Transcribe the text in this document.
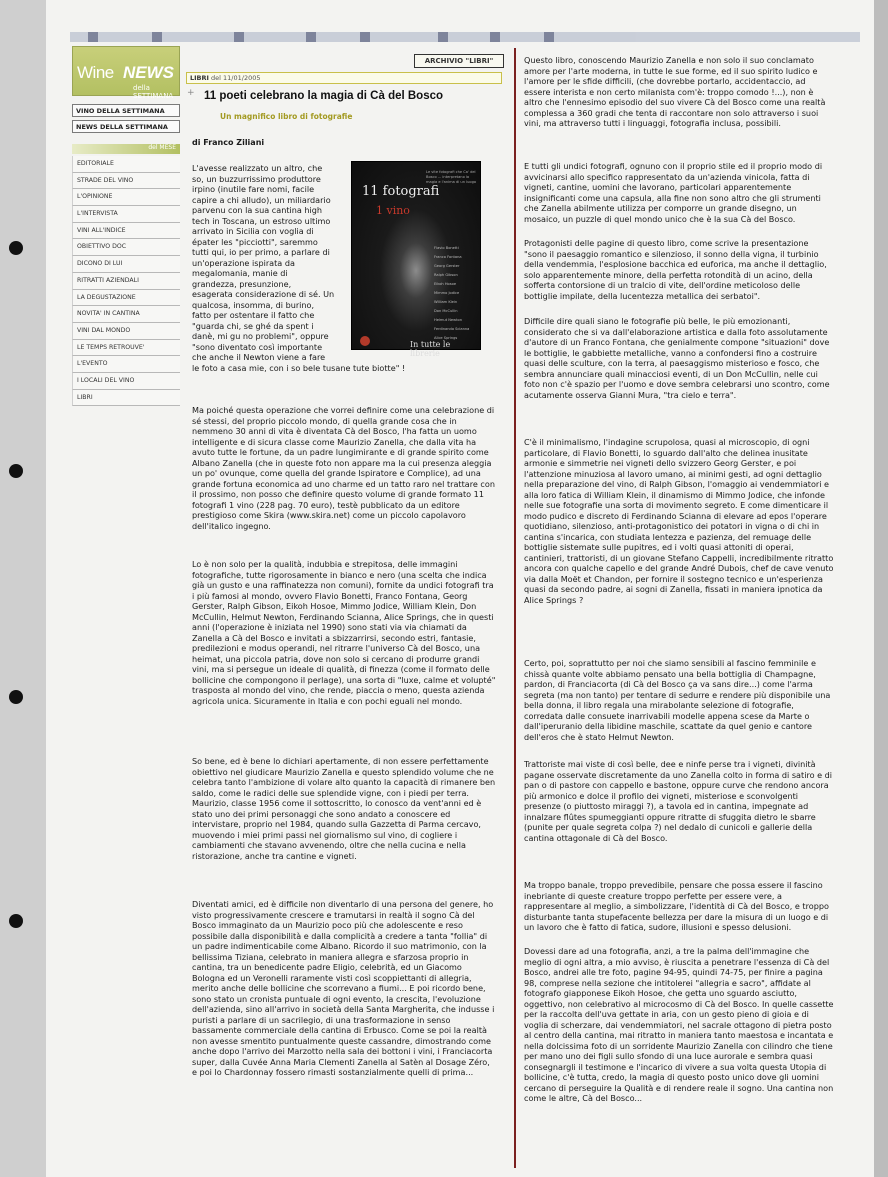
Wine NEWS
della SETTIMANA
VINO DELLA SETTIMANA
NEWS DELLA SETTIMANA
del MESE
EDITORIALE
STRADE DEL VINO
L'OPINIONE
L'INTERVISTA
VINI ALL'INDICE
OBIETTIVO DOC
DICONO DI LUI
RITRATTI AZIENDALI
LA DEGUSTAZIONE
NOVITA' IN CANTINA
VINI DAL MONDO
LE TEMPS RETROUVE'
L'EVENTO
I LOCALI DEL VINO
LIBRI
ARCHIVIO "LIBRI"
LIBRI del 11/01/2005
+ 11 poeti celebrano la magia di Cà del Bosco
Un magnifico libro di fotografie
di Franco Ziliani
Le vite fotografi che Ca' del Bosco ... interpretano la magia e l'anima di un luogo
11 fotografi
1 vino
Flavio Bonetti
Franco Fontana
Georg Gerster
Ralph Gibson
Eikoh Hosoe
Mimmo Jodice
William Klein
Don McCullin
Helmut Newton
Ferdinando Scianna
Alice Springs
In tutte le librerie
L'avesse realizzato un altro, che
so, un buzzurrissimo produttore
irpino (inutile fare nomi, facile
capire a chi alludo), un miliardario
parvenu con la sua cantina high
tech in Toscana, un estroso ultimo
arrivato in Sicilia con voglia di
épater les "picciotti", saremmo
tutti qui, io per primo, a parlare di
un'operazione ispirata da
megalomania, manie di
grandezza, presunzione,
esagerata considerazione di sé. Un
qualcosa, insomma, di burino,
fatto per ostentare il fatto che
"guarda chi, se ghé da spent i
danè, mi gu no problemi", oppure
"sono diventato così importante
che anche il Newton viene a fare
le foto a casa mie, con i so bele tusane tute biotte" !
Ma poiché questa operazione che vorrei definire come una celebrazione di sé stessi, del proprio piccolo mondo, di quella grande cosa che in nemmeno 30 anni di vita è diventata Cà del Bosco, l'ha fatta un uomo intelligente e di sicura classe come Maurizio Zanella, che dalla vita ha avuto tutte le fortune, da un padre lungimirante e di grande spirito come Albano Zanella (che in queste foto non appare ma la cui presenza aleggia un po' ovunque, come quella del grande Ispiratore e Complice), ad una grande fortuna economica ad uno charme ed un tatto raro nel trattare con il prossimo, non posso che definire questo volume di grande formato 11 fotografi 1 vino (228 pag. 70 euro), testè pubblicato da un editore prestigioso come Skira (www.skira.net) come un piccolo capolavoro dell'italico ingegno.
Lo è non solo per la qualità, indubbia e strepitosa, delle immagini fotografiche, tutte rigorosamente in bianco e nero (una scelta che indica già un gusto e una raffinatezza non comuni), fornite da undici fotografi tra i più famosi al mondo, ovvero Flavio Bonetti, Franco Fontana, Georg Gerster, Ralph Gibson, Eikoh Hosoe, Mimmo Jodice, William Klein, Don McCullin, Helmut Newton, Ferdinando Scianna, Alice Springs, che in questi anni (l'operazione è iniziata nel 1990) sono stati via via chiamati da Zanella a Cà del Bosco e invitati a sbizzarrirsi, secondo estri, fantasie, predilezioni e modus operandi, nel ritrarre l'universo Cà del Bosco, una heimat, una piccola patria, dove non solo si cercano di produrre grandi vini, ma si persegue un ideale di qualità, di finezza (come il formato delle bollicine che compongono il perlage), una sorta di "luxe, calme et volupté" trasposta al mondo del vino, che rende, piaccia o meno, questa azienda agricola unica. Sicuramente in Italia e con pochi eguali nel mondo.
So bene, ed è bene lo dichiari apertamente, di non essere perfettamente obiettivo nel giudicare Maurizio Zanella e questo splendido volume che ne celebra tanto l'ambizione di volare alto quanto la capacità di rimanere ben saldo, come le radici delle sue splendide vigne, con i piedi per terra. Maurizio, classe 1956 come il sottoscritto, lo conosco da vent'anni ed è stato uno dei primi personaggi che sono andato a conoscere ed intervistare, proprio nel 1984, quando sulla Gazzetta di Parma cercavo, muovendo i miei primi passi nel giornalismo sul vino, di cogliere i cambiamenti che stavano avvenendo, oltre che nella cucina e nella ristorazione, anche tra cantine e vigneti.
Diventati amici, ed è difficile non diventarlo di una persona del genere, ho visto progressivamente crescere e tramutarsi in realtà il sogno Cà del Bosco immaginato da un Maurizio poco più che adolescente e reso possibile dalla disponibilità e dalla complicità a credere a tanta "follia" di un padre indimenticabile come Albano. Ricordo il suo matrimonio, con la bellissima Tiziana, celebrato in maniera allegra e sfarzosa proprio in cantina, tra un benedicente padre Eligio, celebrità, ed un Giacomo Bologna ed un Veronelli raramente visti così scoppiettanti di allegria, merito anche delle bollicine che scorrevano a fiumi... E poi ricordo bene, sono stato un cronista puntuale di ogni evento, la crescita, l'evoluzione dell'azienda, sino all'arrivo in società della Santa Margherita, che indusse i puristi a parlare di un sacrilegio, di una trasformazione in senso bassamente commerciale della cantina di Erbusco. Come se poi la realtà non avesse smentito puntualmente queste cassandre, dimostrando come anche dopo l'arrivo dei Marzotto nella sala dei bottoni i vini, i Franciacorta super, dalla Cuvée Anna Maria Clementi Zanella al Satèn al Dosage Zéro, e poi lo Chardonnay fossero rimasti sostanzialmente quelli di prima...
Questo libro, conoscendo Maurizio Zanella e non solo il suo conclamato amore per l'arte moderna, in tutte le sue forme, ed il suo spirito ludico e l'amore per le sfide difficili, (che dovrebbe portarlo, accidentaccio, ad essere interista e non certo milanista com'è: troppo comodo !...), non è altro che l'ennesimo episodio del suo vivere Cà del Bosco come una realtà complessa a 360 gradi che tenta di raccontare non solo attraverso i suoi vini, ma attraverso tutti i linguaggi, fotografia inclusa, possibili.
E tutti gli undici fotografi, ognuno con il proprio stile ed il proprio modo di avvicinarsi allo specifico rappresentato da un'azienda vinicola, fatta di vigneti, cantine, uomini che lavorano, particolari apparentemente insignificanti come una capsula, alla fine non sono altro che gli strumenti che Zanella abilmente utilizza per comporre un grande disegno, un mosaico, un puzzle di quel mondo unico che è la sua Cà del Bosco.
Protagonisti delle pagine di questo libro, come scrive la presentazione "sono il paesaggio romantico e silenzioso, il sonno della vigna, il turbinio della vendemmia, l'esplosione bacchica ed euforica, ma anche il dettaglio, solo apparentemente minore, della perfetta rotondità di un acino, della sofferta contorsione di un tralcio di vite, dell'ordine meticoloso delle bottiglie impilate, della lucentezza metallica dei serbatoi".
Difficile dire quali siano le fotografie più belle, le più emozionanti, considerato che si va dall'elaborazione artistica e dalla foto assolutamente d'autore di un Franco Fontana, che genialmente compone "situazioni" dove le bottiglie, le gabbiette metalliche, vanno a confondersi fino a costruire quasi delle sculture, con la terra, al paesaggismo misterioso e fosco, che sembra annunciare quali minacciosi eventi, di un Don McCullin, nelle cui foto non c'è spazio per l'uomo e dove sembra celebrarsi uno scontro, come acutamente osserva Gianni Mura, "tra cielo e terra".
C'è il minimalismo, l'indagine scrupolosa, quasi al microscopio, di ogni particolare, di Flavio Bonetti, lo sguardo dall'alto che delinea inusitate armonie e simmetrie nei vigneti dello svizzero Georg Gerster, e poi l'attenzione minuziosa al lavoro umano, ai minimi gesti, ad ogni dettaglio nella preparazione del vino, di Ralph Gibson, l'omaggio ai vendemmiatori e alla loro fatica di William Klein, il dinamismo di Mimmo Jodice, che infonde nelle sue fotografie una sorta di movimento segreto. E come dimenticare il modo pudico e discreto di Ferdinando Scianna di elevare ad epos l'operare quotidiano, silenzioso, anti-protagonistico dei potatori in vigna o di chi in cantina s'incarica, con studiata lentezza e pazienza, del remuage delle bottiglie sistemate sulle pupitres, ed i volti quasi attoniti di operai, cantinieri, trattoristi, di un giovane Stefano Cappelli, incredibilmente ritratto ancora con qualche capello e del grande André Dubois, chef de cave venuto via dalla Moët et Chandon, per fornire il sostegno tecnico e un'esperienza quasi da secondo padre, ai sogni di Zanella, fissati in maniera ipnotica da Alice Springs ?
Certo, poi, soprattutto per noi che siamo sensibili al fascino femminile e chissà quante volte abbiamo pensato una bella bottiglia di Champagne, pardon, di Franciacorta (di Cà del Bosco ça va sans dire...) come l'arma segreta (ma non tanto) per tentare di sedurre e rendere più disponibile una bella donna, il libro regala una mirabolante selezione di fotografie, corredata dalle consuete inarrivabili modelle appena scese da Marte o dall'iperuranio della libidine maschile, scattate da quel genio e cantore dell'eros che è stato Helmut Newton.
Trattoriste mai viste di così belle, dee e ninfe perse tra i vigneti, divinità pagane osservate discretamente da uno Zanella colto in forma di satiro e di pan o di pastore con cappello e bastone, oppure curve che rendono ancora più armonico e dolce il profilo dei vigneti, misteriose e sconvolgenti presenze (o piuttosto miraggi ?), a tavola ed in cantina, impegnate ad innalzare flûtes spumeggianti oppure ritratte di sfuggita dietro le sbarre (punite per quale segreta colpa ?) nel dedalo di cunicoli e gallerie della cantina ottagonale di Cà del Bosco.
Ma troppo banale, troppo prevedibile, pensare che possa essere il fascino inebriante di queste creature troppo perfette per essere vere, a rappresentare al meglio, a simbolizzare, l'identità di Cà del Bosco, e troppo disturbante tanta stupefacente bellezza per dare la misura di un luogo e di un lavoro che è fatto di fatica, sudore, illusioni e spesso delusioni.
Dovessi dare ad una fotografia, anzi, a tre la palma dell'immagine che meglio di ogni altra, a mio avviso, è riuscita a penetrare l'essenza di Cà del Bosco, andrei alle tre foto, pagine 94-95, quindi 74-75, per finire a pagina 98, comprese nella sezione che intitolerei "allegria e sacro", affidate al fotografo giapponese Eikoh Hosoe, che getta uno sguardo asciutto, oggettivo, non celebrativo al microcosmo di Cà del Bosco. In quelle cassette per la raccolta dell'uva gettate in aria, con un gesto pieno di gioia e di voglia di scherzare, dai vendemmiatori, nel sacrale ottagono di pietra posto al centro della cantina, mai ritratto in maniera tanto maestosa e incantata e nella dolcissima foto di un sorridente Maurizio Zanella con cilindro che tiene per mano uno dei figli sullo sfondo di una luce aurorale e sembra quasi consegnargli il testimone e l'incarico di vivere a sua volta questa Utopia di bollicine, c'è tutta, credo, la magia di questo posto unico dove gli uomini cercano di perseguire la Qualità e di rendere reale il sogno. Una cantina non come le altre, Cà del Bosco...
